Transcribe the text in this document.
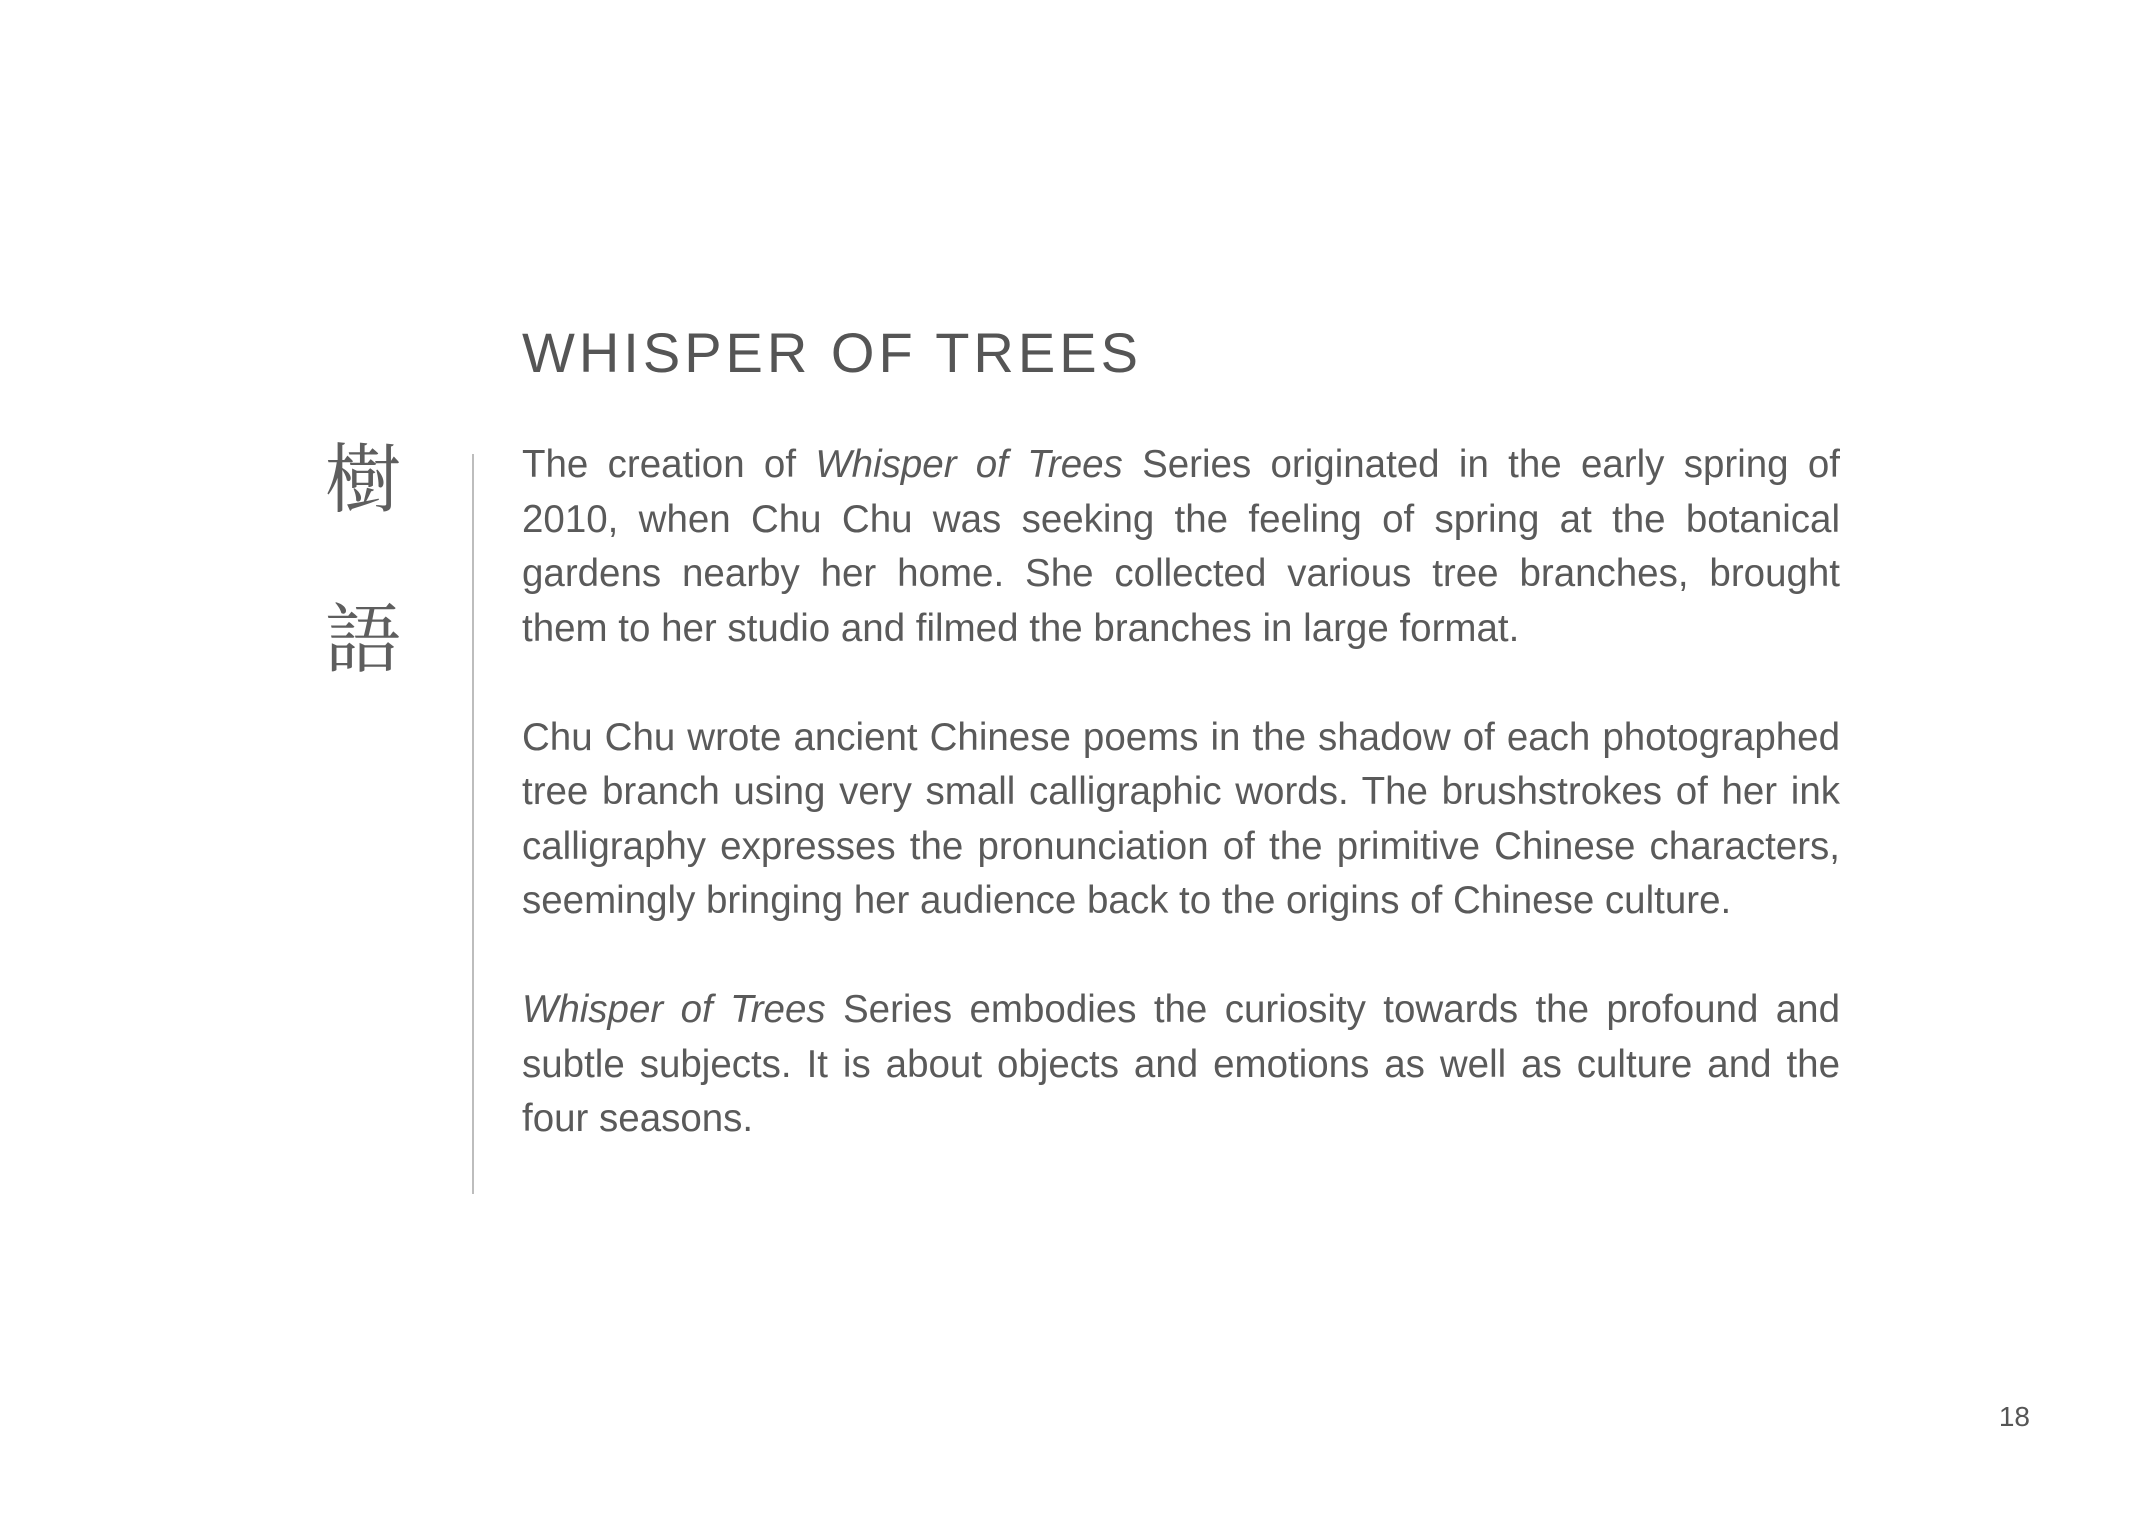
WHISPER OF TREES
樹
語

The creation of Whisper of Trees Series originated in the early spring of 2010, when Chu Chu was seeking the feeling of spring at the botanical gardens nearby her home. She collected various tree branches, brought them to her studio and filmed the branches in large format.

Chu Chu wrote ancient Chinese poems in the shadow of each photographed tree branch using very small calligraphic words. The brushstrokes of her ink calligraphy expresses the pronunciation of the primitive Chinese characters, seemingly bringing her audience back to the origins of Chinese culture.

Whisper of Trees Series embodies the curiosity towards the profound and subtle subjects. It is about objects and emotions as well as culture and the four seasons.

18
